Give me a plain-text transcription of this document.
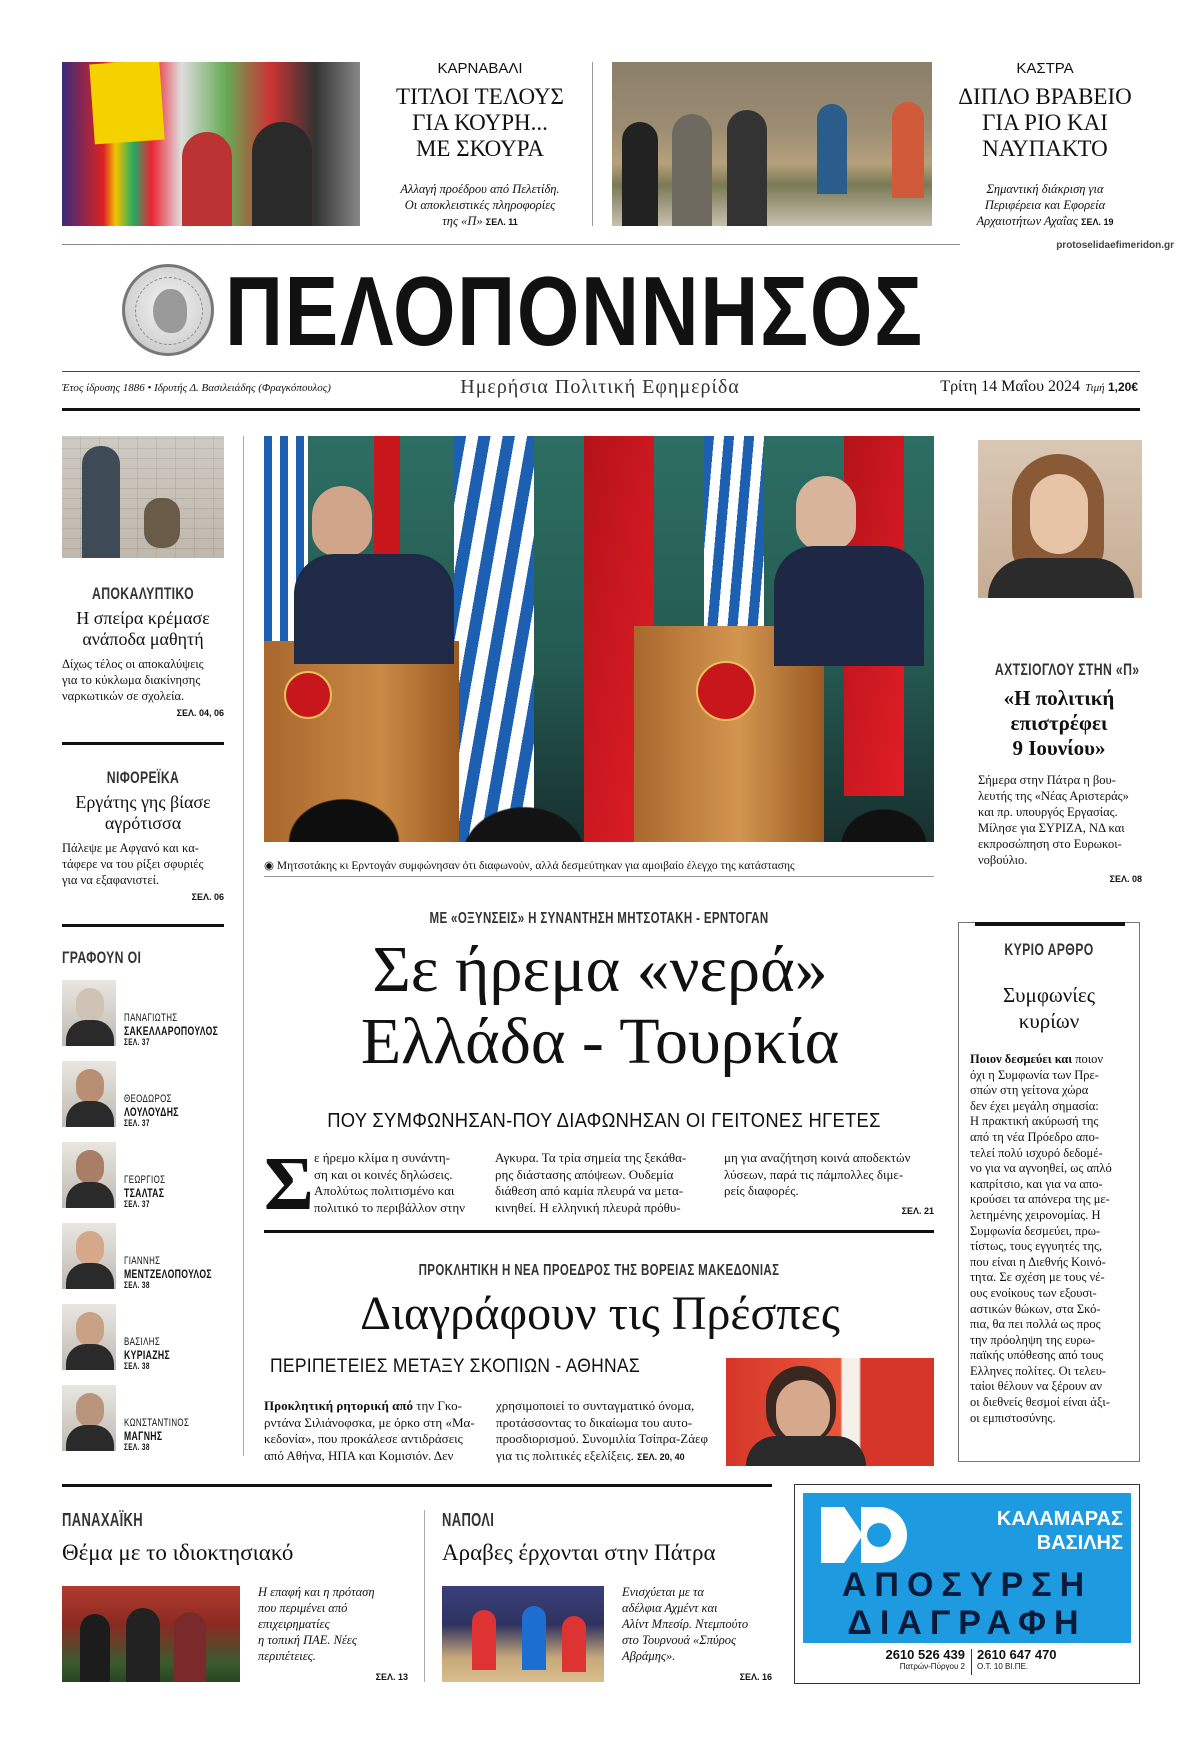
ΚΑΡΝΑΒΑΛΙ
ΤΙΤΛΟΙ ΤΕΛΟΥΣ
ΓΙΑ ΚΟΥΡΗ...
ΜΕ ΣΚΟΥΡΑ
Αλλαγή προέδρου από Πελετίδη.
Οι αποκλειστικές πληροφορίες
της «Π» ΣΕΛ. 11
ΚΑΣΤΡΑ
ΔΙΠΛΟ ΒΡΑΒΕΙΟ
ΓΙΑ ΡΙΟ ΚΑΙ
ΝΑΥΠΑΚΤΟ
Σημαντική διάκριση για
Περιφέρεια και Εφορεία
Αρχαιοτήτων Αχαΐας ΣΕΛ. 19
protoselidaefimeridon.gr
ΠΕΛΟΠΟΝΝΗΣΟΣ
Έτος ίδρυσης 1886 • Ιδρυτής Δ. Βασιλειάδης (Φραγκόπουλος)	Ημερήσια Πολιτική Εφημερίδα	Τρίτη 14 Μαΐου 2024 Τιμή 1,20€
ΑΠΟΚΑΛΥΠΤΙΚΟ
Η σπείρα κρέμασε
ανάποδα μαθητή
Δίχως τέλος οι αποκαλύψεις
για το κύκλωμα διακίνησης
ναρκωτικών σε σχολεία.
ΣΕΛ. 04, 06
ΝΙΦΟΡΕΪΚΑ
Εργάτης γης βίασε
αγρότισσα
Πάλεψε με Αφγανό και κα-
τάφερε να του ρίξει σφυριές
για να εξαφανιστεί.
ΣΕΛ. 06
ΓΡΑΦΟΥΝ ΟΙ
ΠΑΝΑΓΙΩΤΗΣ
ΣΑΚΕΛΛΑΡΟΠΟΥΛΟΣ
ΣΕΛ. 37
ΘΕΟΔΩΡΟΣ
ΛΟΥΛΟΥΔΗΣ
ΣΕΛ. 37
ΓΕΩΡΓΙΟΣ
ΤΣΑΛΤΑΣ
ΣΕΛ. 37
ΓΙΑΝΝΗΣ
ΜΕΝΤΖΕΛΟΠΟΥΛΟΣ
ΣΕΛ. 38
ΒΑΣΙΛΗΣ
ΚΥΡΙΑΖΗΣ
ΣΕΛ. 38
ΚΩΝΣΤΑΝΤΙΝΟΣ
ΜΑΓΝΗΣ
ΣΕΛ. 38
◉ Μητσοτάκης κι Ερντογάν συμφώνησαν ότι διαφωνούν, αλλά δεσμεύτηκαν για αμοιβαίο έλεγχο της κατάστασης
ΜΕ «ΟΞΥΝΣΕΙΣ» Η ΣΥΝΑΝΤΗΣΗ ΜΗΤΣΟΤΑΚΗ - ΕΡΝΤΟΓΑΝ
Σε ήρεμα «νερά»
Ελλάδα - Τουρκία
ΠΟΥ ΣΥΜΦΩΝΗΣΑΝ-ΠΟΥ ΔΙΑΦΩΝΗΣΑΝ ΟΙ ΓΕΙΤΟΝΕΣ ΗΓΕΤΕΣ
Σ ε ήρεμο κλίμα η συνάντη-
ση και οι κοινές δηλώσεις.
Απολύτως πολιτισμένο και
πολιτικό το περιβάλλον στην
Αγκυρα. Τα τρία σημεία της ξεκάθα-
ρης διάστασης απόψεων. Ουδεμία
διάθεση από καμία πλευρά να μετα-
κινηθεί. Η ελληνική πλευρά πρόθυ-
μη για αναζήτηση κοινά αποδεκτών
λύσεων, παρά τις πάμπολλες διμε-
ρείς διαφορές.
ΣΕΛ. 21
ΠΡΟΚΛΗΤΙΚΗ Η ΝΕΑ ΠΡΟΕΔΡΟΣ ΤΗΣ ΒΟΡΕΙΑΣ ΜΑΚΕΔΟΝΙΑΣ
Διαγράφουν τις Πρέσπες
ΠΕΡΙΠΕΤΕΙΕΣ ΜΕΤΑΞΥ ΣΚΟΠΙΩΝ - ΑΘΗΝΑΣ
Προκλητική ρητορική από την Γκο-
ρντάνα Σιλιάνοφσκα, με όρκο στη «Μα-
κεδονία», που προκάλεσε αντιδράσεις
από Αθήνα, ΗΠΑ και Κομισιόν. Δεν
χρησιμοποιεί το συνταγματικό όνομα,
προτάσσοντας το δικαίωμα του αυτο-
προσδιορισμού. Συνομιλία Τσίπρα-Ζάεφ
για τις πολιτικές εξελίξεις. ΣΕΛ. 20, 40
ΑΧΤΣΙΟΓΛΟΥ ΣΤΗΝ «Π»
«Η πολιτική
επιστρέφει
9 Ιουνίου»
Σήμερα στην Πάτρα η βου-
λευτής της «Νέας Αριστεράς»
και πρ. υπουργός Εργασίας.
Μίλησε για ΣΥΡΙΖΑ, ΝΔ και
εκπροσώπηση στο Ευρωκοι-
νοβούλιο.
ΣΕΛ. 08
ΚΥΡΙΟ ΑΡΘΡΟ
Συμφωνίες
κυρίων
Ποιον δεσμεύει και ποιον
όχι η Συμφωνία των Πρε-
σπών στη γείτονα χώρα
δεν έχει μεγάλη σημασία:
Η πρακτική ακύρωσή της
από τη νέα Πρόεδρο απο-
τελεί πολύ ισχυρό δεδομέ-
νο για να αγνοηθεί, ως απλό
καπρίτσιο, και για να απο-
κρούσει τα απόνερα της με-
λετημένης χειρονομίας. Η
Συμφωνία δεσμεύει, πρω-
τίστως, τους εγγυητές της,
που είναι η Διεθνής Κοινό-
τητα. Σε σχέση με τους νέ-
ους ενοίκους των εξουσι-
αστικών θώκων, στα Σκό-
πια, θα πει πολλά ως προς
την πρόοληψη της ευρω-
παϊκής υπόθεσης από τους
Ελληνες πολίτες. Οι τελευ-
ταίοι θέλουν να ξέρουν αν
οι διεθνείς θεσμοί είναι άξι-
οι εμπιστοσύνης.
ΠΑΝΑΧΑΪΚΗ
Θέμα με το ιδιοκτησιακό
Η επαφή και η πρόταση
που περιμένει από
επιχειρηματίες
η τοπική ΠΑΕ. Νέες
περιπέτειες.
ΣΕΛ. 13
ΝΑΠΟΛΙ
Αραβες έρχονται στην Πάτρα
Ενισχύεται με τα
αδέλφια Αχμέντ και
Αλίντ Μπεσίρ. Ντεμπούτο
στο Τουρνουά «Σπύρος
Αβράμης».
ΣΕΛ. 16
ΚΑΛΑΜΑΡΑΣ
ΒΑΣΙΛΗΣ
ΑΠΟΣΥΡΣΗ
ΔΙΑΓΡΑΦΗ
2610 526 439
Πατρών-Πύργου 2
2610 647 470
Ο.Τ. 10 ΒΙ.ΠΕ.
